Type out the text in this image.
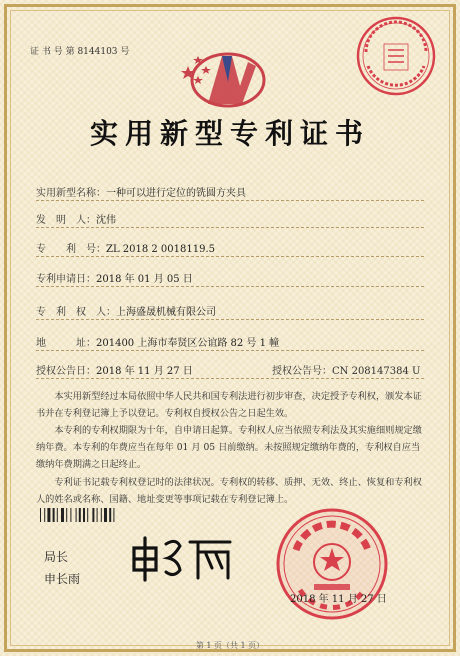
证 书 号 第 8144103 号
实用新型专利证书
实用新型名称：一种可以进行定位的铣圆方夹具
发　明　人：沈伟
专　　利　号：ZL 2018 2 0018119.5
专利申请日：2018 年 01 月 05 日
专　利　权　人：上海盛晟机械有限公司
地　　　址：201400 上海市奉贤区公谊路 82 号 1 幢
授权公告日：2018 年 11 月 27 日	授权公告号：CN 208147384 U

本实用新型经过本局依照中华人民共和国专利法进行初步审查，决定授予专利权，颁发本证书并在专利登记簿上予以登记。专利权自授权公告之日起生效。

本专利的专利权期限为十年，自申请日起算。专利权人应当依照专利法及其实施细则规定缴纳年费。本专利的年费应当在每年 01 月 05 日前缴纳。未按照规定缴纳年费的，专利权自应当缴纳年费期满之日起终止。

专利证书记载专利权登记时的法律状况。专利权的转移、质押、无效、终止、恢复和专利权人的姓名或名称、国籍、地址变更等事项记载在专利登记簿上。

局长
申长雨
2018 年 11 月 27 日
第 1 页（共 1 页）
